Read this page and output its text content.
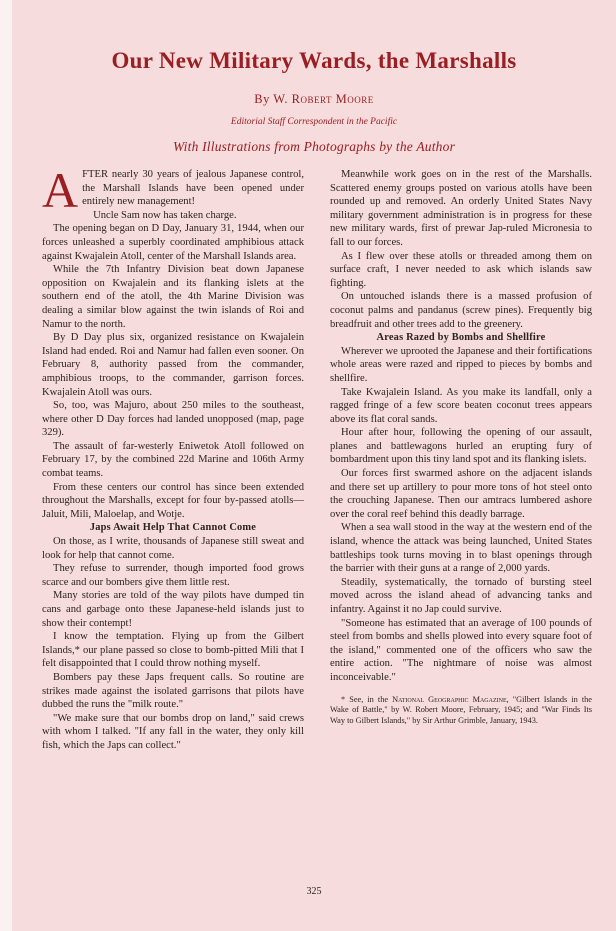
Our New Military Wards, the Marshalls

By W. Robert Moore

Editorial Staff Correspondent in the Pacific

With Illustrations from Photographs by the Author

AFTER nearly 30 years of jealous Japanese control, the Marshall Islands have been opened under entirely new management!

Uncle Sam now has taken charge.

The opening began on D Day, January 31, 1944, when our forces unleashed a superbly coordinated amphibious attack against Kwajalein Atoll, center of the Marshall Islands area.

While the 7th Infantry Division beat down Japanese opposition on Kwajalein and its flanking islets at the southern end of the atoll, the 4th Marine Division was dealing a similar blow against the twin islands of Roi and Namur to the north.

By D Day plus six, organized resistance on Kwajalein Island had ended. Roi and Namur had fallen even sooner. On February 8, authority passed from the commander, amphibious troops, to the commander, garrison forces. Kwajalein Atoll was ours.

So, too, was Majuro, about 250 miles to the southeast, where other D Day forces had landed unopposed (map, page 329).

The assault of far-westerly Eniwetok Atoll followed on February 17, by the combined 22d Marine and 106th Army combat teams.

From these centers our control has since been extended throughout the Marshalls, except for four by-passed atolls—Jaluit, Mili, Maloelap, and Wotje.

Japs Await Help That Cannot Come

On those, as I write, thousands of Japanese still sweat and look for help that cannot come.

They refuse to surrender, though imported food grows scarce and our bombers give them little rest.

Many stories are told of the way pilots have dumped tin cans and garbage onto these Japanese-held islands just to show their contempt!

I know the temptation. Flying up from the Gilbert Islands,* our plane passed so close to bomb-pitted Mili that I felt disappointed that I could throw nothing myself.

Bombers pay these Japs frequent calls. So routine are strikes made against the isolated garrisons that pilots have dubbed the runs the "milk route."

"We make sure that our bombs drop on land," said crews with whom I talked. "If any fall in the water, they only kill fish, which the Japs can collect."

Meanwhile work goes on in the rest of the Marshalls. Scattered enemy groups posted on various atolls have been rounded up and removed. An orderly United States Navy military government administration is in progress for these new military wards, first of prewar Jap-ruled Micronesia to fall to our forces.

As I flew over these atolls or threaded among them on surface craft, I never needed to ask which islands saw fighting.

On untouched islands there is a massed profusion of coconut palms and pandanus (screw pines). Frequently big breadfruit and other trees add to the greenery.

Areas Razed by Bombs and Shellfire

Wherever we uprooted the Japanese and their fortifications whole areas were razed and ripped to pieces by bombs and shellfire.

Take Kwajalein Island. As you make its landfall, only a ragged fringe of a few score beaten coconut trees appears above its flat coral sands.

Hour after hour, following the opening of our assault, planes and battlewagons hurled an erupting fury of bombardment upon this tiny land spot and its flanking islets.

Our forces first swarmed ashore on the adjacent islands and there set up artillery to pour more tons of hot steel onto the crouching Japanese. Then our amtracs lumbered ashore over the coral reef behind this deadly barrage.

When a sea wall stood in the way at the western end of the island, whence the attack was being launched, United States battleships took turns moving in to blast openings through the barrier with their guns at a range of 2,000 yards.

Steadily, systematically, the tornado of bursting steel moved across the island ahead of advancing tanks and infantry. Against it no Jap could survive.

"Someone has estimated that an average of 100 pounds of steel from bombs and shells plowed into every square foot of the island," commented one of the officers who saw the entire action. "The nightmare of noise was almost inconceivable."

* See, in the National Geographic Magazine, "Gilbert Islands in the Wake of Battle," by W. Robert Moore, February, 1945; and "War Finds Its Way to Gilbert Islands," by Sir Arthur Grimble, January, 1943.

325
